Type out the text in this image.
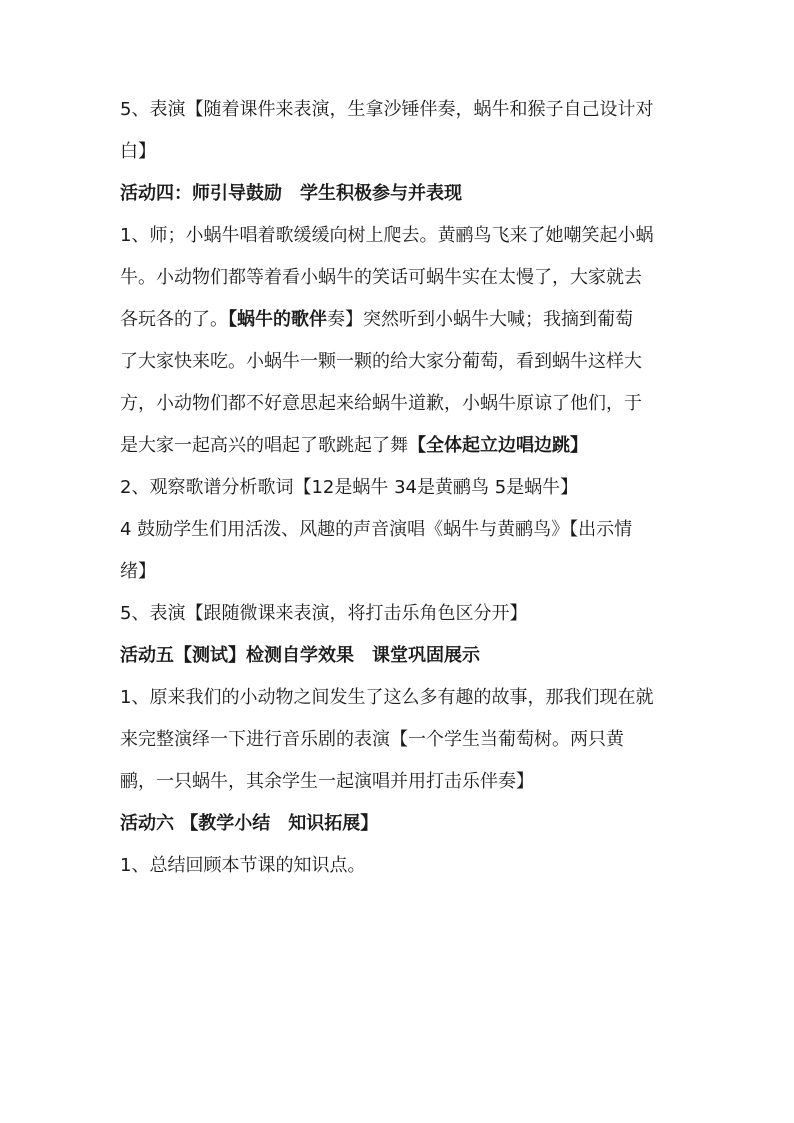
5、表演【随着课件来表演，生拿沙锤伴奏，蜗牛和猴子自己设计对

白】

活动四：师引导鼓励　学生积极参与并表现

1、师；小蜗牛唱着歌缓缓向树上爬去。黄鹂鸟飞来了她嘲笑起小蜗

牛。小动物们都等着看小蜗牛的笑话可蜗牛实在太慢了，大家就去

各玩各的了。【蜗牛的歌伴奏】突然听到小蜗牛大喊；我摘到葡萄

了大家快来吃。小蜗牛一颗一颗的给大家分葡萄，看到蜗牛这样大

方，小动物们都不好意思起来给蜗牛道歉，小蜗牛原谅了他们，于

是大家一起高兴的唱起了歌跳起了舞【全体起立边唱边跳】

2、观察歌谱分析歌词【12是蜗牛 34是黄鹂鸟 5是蜗牛】

4 鼓励学生们用活泼、风趣的声音演唱《蜗牛与黄鹂鸟》【出示情

绪】

5、表演【跟随微课来表演，将打击乐角色区分开】

活动五【测试】检测自学效果　课堂巩固展示

1、原来我们的小动物之间发生了这么多有趣的故事，那我们现在就

来完整演绎一下进行音乐剧的表演【一个学生当葡萄树。两只黄

鹂，一只蜗牛，其余学生一起演唱并用打击乐伴奏】

活动六 【教学小结　知识拓展】

1、总结回顾本节课的知识点。
